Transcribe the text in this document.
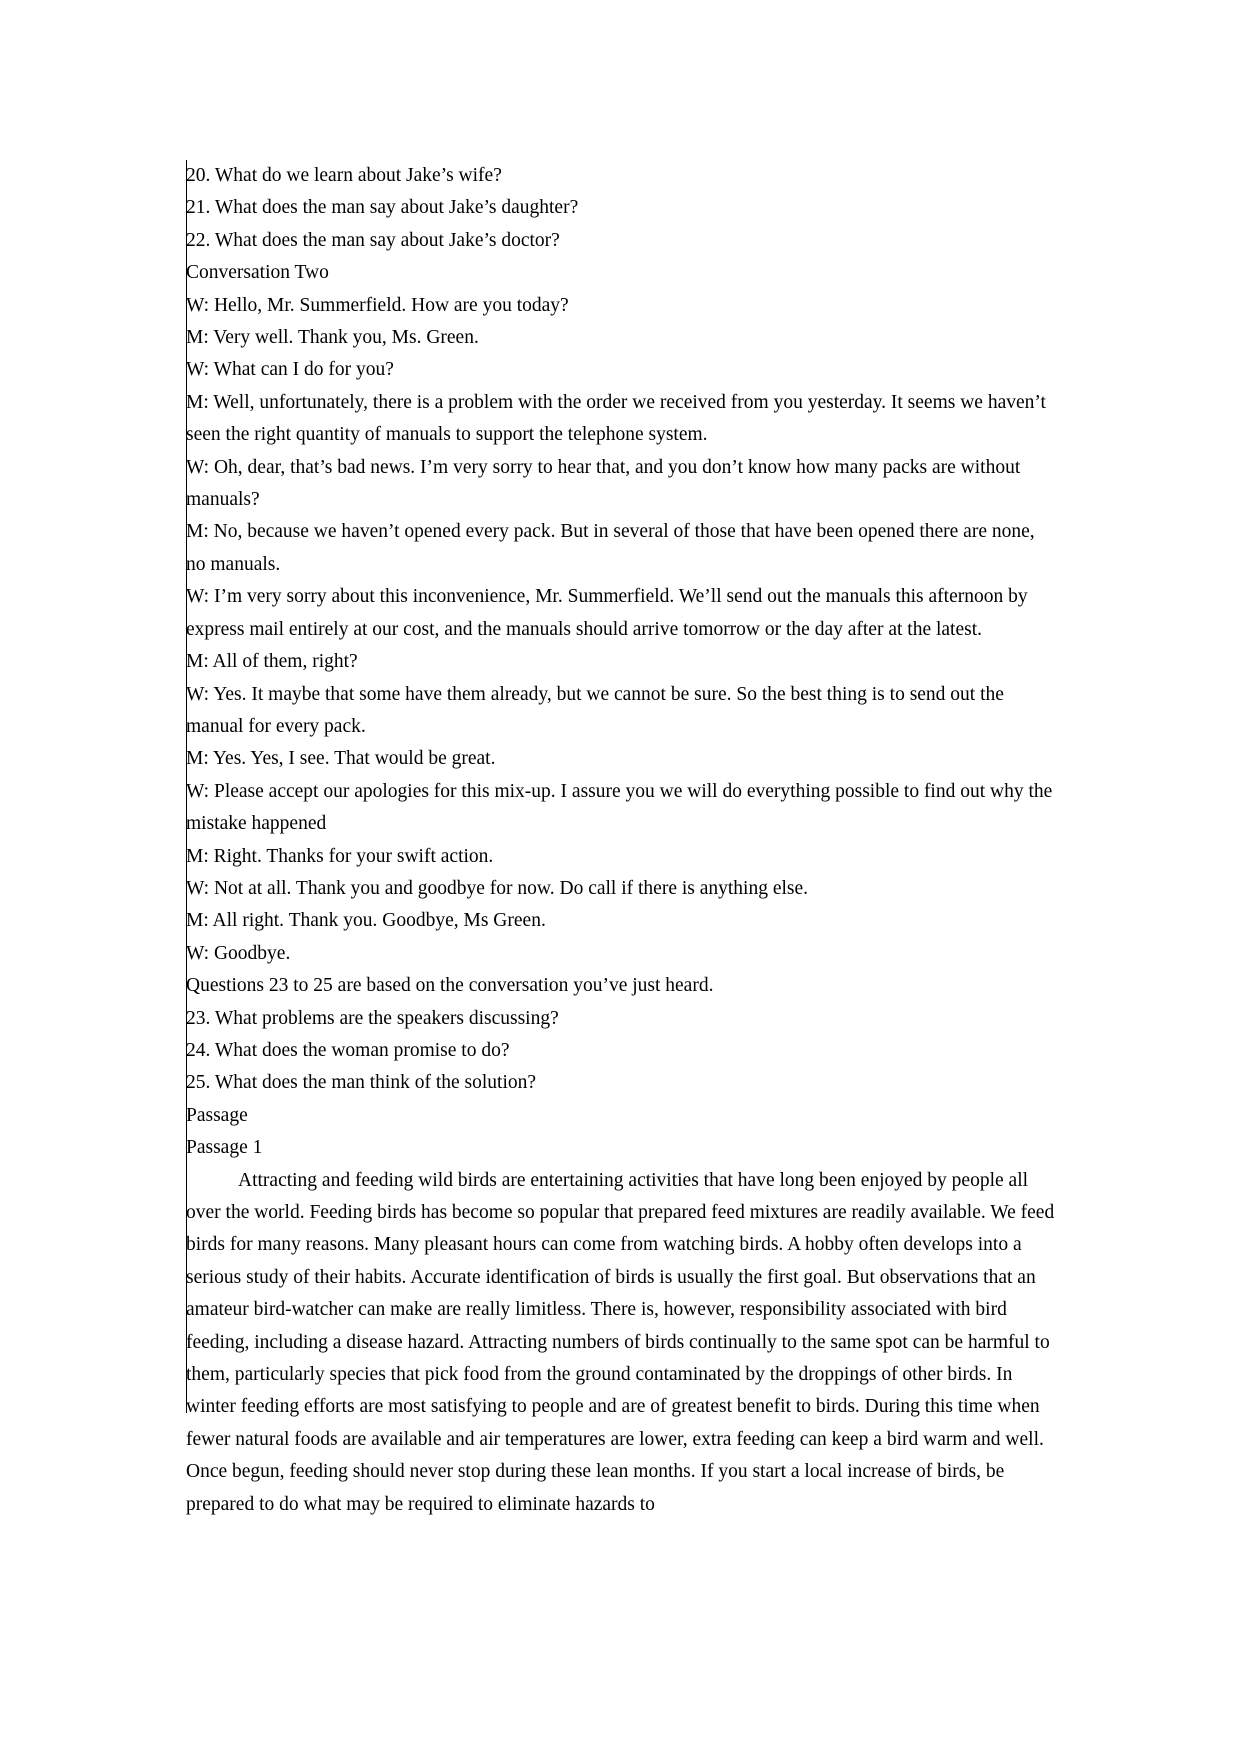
20. What do we learn about Jake’s wife?
21. What does the man say about Jake’s daughter?
22. What does the man say about Jake’s doctor?
Conversation Two
W: Hello, Mr. Summerfield. How are you today?
M: Very well. Thank you, Ms. Green.
W: What can I do for you?
M: Well, unfortunately, there is a problem with the order we received from you yesterday. It seems we haven’t seen the right quantity of manuals to support the telephone system.
W: Oh, dear, that’s bad news. I’m very sorry to hear that, and you don’t know how many packs are without manuals?
M: No, because we haven’t opened every pack. But in several of those that have been opened there are none, no manuals.
W: I’m very sorry about this inconvenience, Mr. Summerfield. We’ll send out the manuals this afternoon by express mail entirely at our cost, and the manuals should arrive tomorrow or the day after at the latest.
M: All of them, right?
W: Yes. It maybe that some have them already, but we cannot be sure. So the best thing is to send out the manual for every pack.
M: Yes. Yes, I see. That would be great.
W: Please accept our apologies for this mix-up. I assure you we will do everything possible to find out why the mistake happened
M: Right. Thanks for your swift action.
W: Not at all. Thank you and goodbye for now. Do call if there is anything else.
M: All right. Thank you. Goodbye, Ms Green.
W: Goodbye.
Questions 23 to 25 are based on the conversation you’ve just heard.
23. What problems are the speakers discussing?
24. What does the woman promise to do?
25. What does the man think of the solution?
Passage
Passage 1

Attracting and feeding wild birds are entertaining activities that have long been enjoyed by people all over the world. Feeding birds has become so popular that prepared feed mixtures are readily available. We feed birds for many reasons. Many pleasant hours can come from watching birds. A hobby often develops into a serious study of their habits. Accurate identification of birds is usually the first goal. But observations that an amateur bird-watcher can make are really limitless. There is, however, responsibility associated with bird feeding, including a disease hazard. Attracting numbers of birds continually to the same spot can be harmful to them, particularly species that pick food from the ground contaminated by the droppings of other birds. In winter feeding efforts are most satisfying to people and are of greatest benefit to birds. During this time when fewer natural foods are available and air temperatures are lower, extra feeding can keep a bird warm and well. Once begun, feeding should never stop during these lean months. If you start a local increase of birds, be prepared to do what may be required to eliminate hazards to
